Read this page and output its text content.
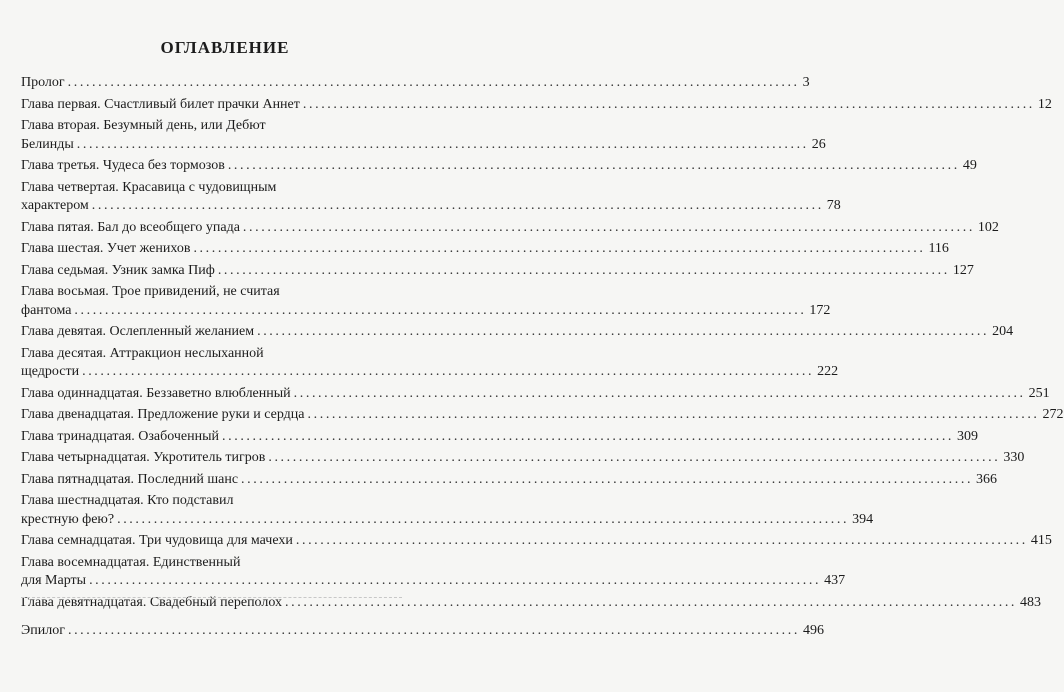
ОГЛАВЛЕНИЕ
Пролог ........................................................................................................................ 3
Глава первая. Счастливый билет прачки Аннет ........................................................................................................................ 12
Глава вторая. Безумный день, или Дебют
Белинды ........................................................................................................................ 26
Глава третья. Чудеса без тормозов ........................................................................................................................ 49
Глава четвертая. Красавица с чудовищным
характером ........................................................................................................................ 78
Глава пятая. Бал до всеобщего упада ........................................................................................................................ 102
Глава шестая. Учет женихов ........................................................................................................................ 116
Глава седьмая. Узник замка Пиф ........................................................................................................................ 127
Глава восьмая. Трое привидений, не считая
фантома ........................................................................................................................ 172
Глава девятая. Ослепленный желанием ........................................................................................................................ 204
Глава десятая. Аттракцион неслыханной
щедрости ........................................................................................................................ 222
Глава одиннадцатая. Беззаветно влюбленный ........................................................................................................................ 251
Глава двенадцатая. Предложение руки и сердца ........................................................................................................................ 272
Глава тринадцатая. Озабоченный ........................................................................................................................ 309
Глава четырнадцатая. Укротитель тигров ........................................................................................................................ 330
Глава пятнадцатая. Последний шанс ........................................................................................................................ 366
Глава шестнадцатая. Кто подставил
крестную фею? ........................................................................................................................ 394
Глава семнадцатая. Три чудовища для мачехи ........................................................................................................................ 415
Глава восемнадцатая. Единственный
для Марты ........................................................................................................................ 437
Глава девятнадцатая. Свадебный переполох ........................................................................................................................ 483
Эпилог ........................................................................................................................ 496
